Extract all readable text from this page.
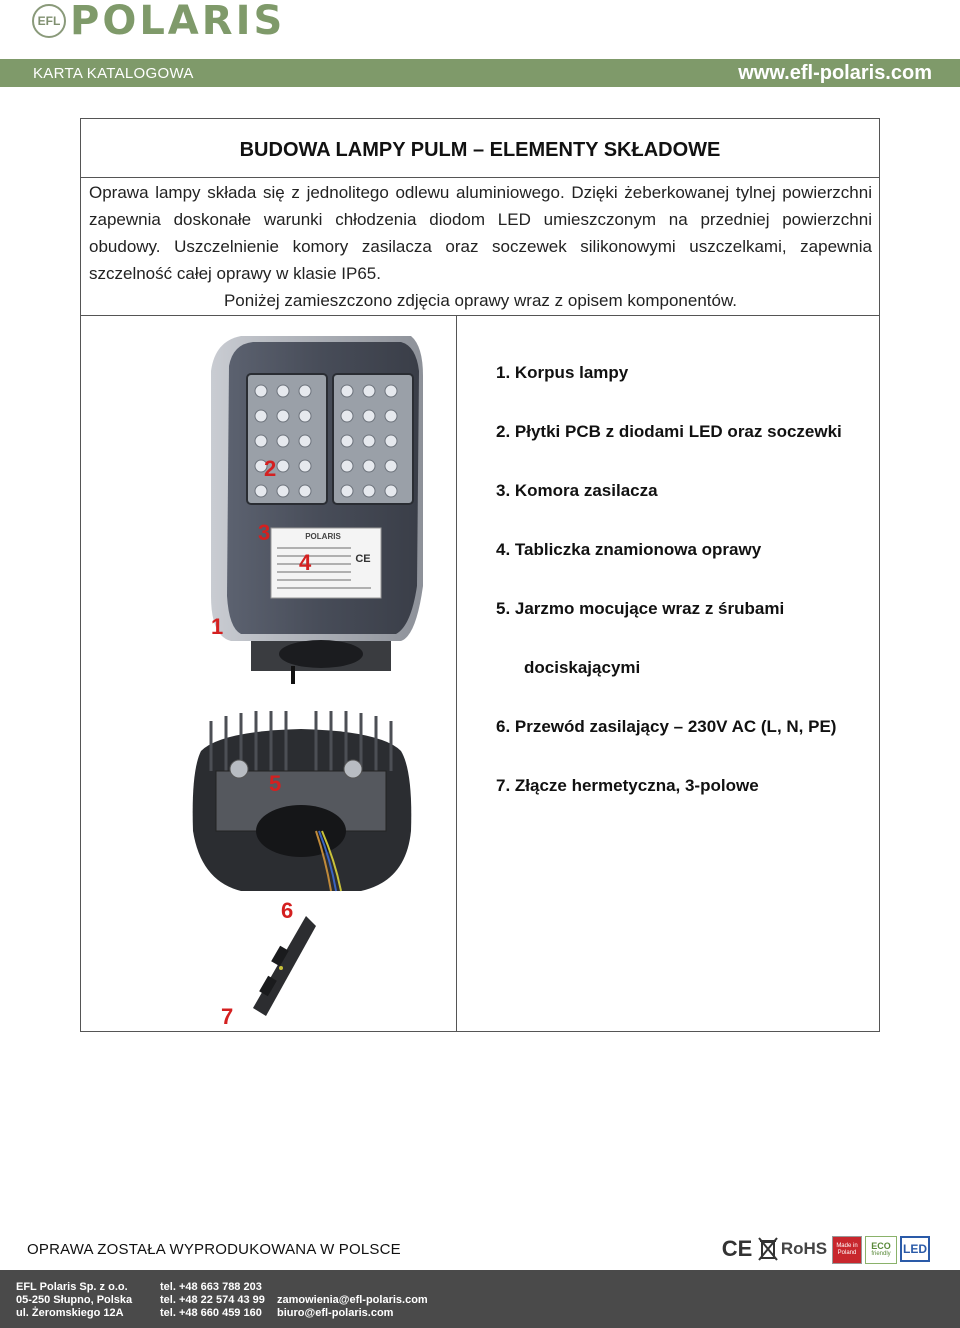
EFL POLARIS
KARTA KATALOGOWA	www.efl-polaris.com
BUDOWA LAMPY PULM – ELEMENTY SKŁADOWE

Oprawa lampy składa się z jednolitego odlewu aluminiowego. Dzięki żeberkowanej tylnej powierzchni zapewnia doskonałe warunki chłodzenia diodom LED umieszczonym na przedniej powierzchni obudowy. Uszczelnienie komory zasilacza oraz soczewek silikonowymi uszczelkami, zapewnia szczelność całej oprawy w klasie IP65.

Poniżej zamieszczono zdjęcia oprawy wraz z opisem komponentów.

POLARIS
CE
1
2
3
4
5
6
7
1. Korpus lampy
2. Płytki PCB z diodami LED oraz soczewki
3. Komora zasilacza
4. Tabliczka znamionowa oprawy
5. Jarzmo mocujące wraz z śrubami
dociskającymi
6. Przewód zasilający – 230V AC (L, N, PE)
7. Złącze hermetyczna, 3-polowe
OPRAWA ZOSTAŁA WYPRODUKOWANA W POLSCE	CE RoHS Made in
Poland
ECO
friendly LED
EFL Polaris Sp. z o.o.
05-250 Słupno, Polska
ul. Żeromskiego 12A
tel. +48 663 788 203
tel. +48 22 574 43 99
tel. +48 660 459 160
zamowienia@efl-polaris.com
biuro@efl-polaris.com
